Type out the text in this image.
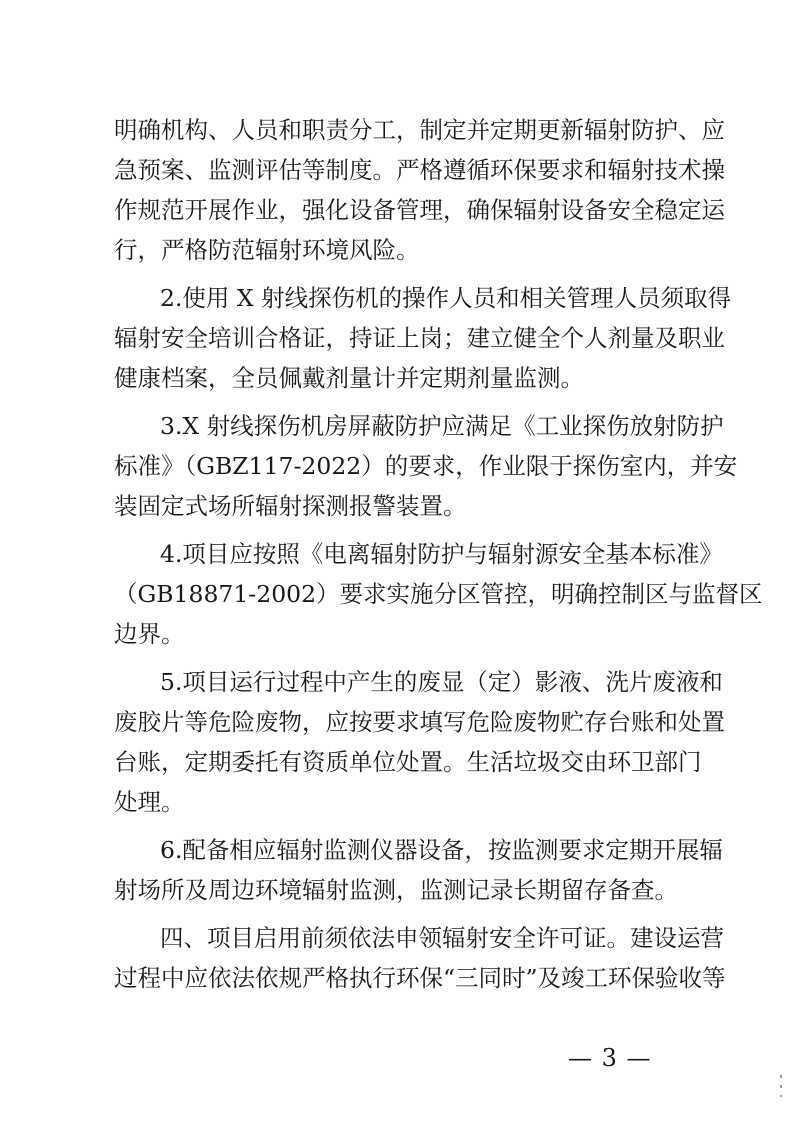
明确机构、人员和职责分工，制定并定期更新辐射防护、应
急预案、监测评估等制度。严格遵循环保要求和辐射技术操
作规范开展作业，强化设备管理，确保辐射设备安全稳定运
行，严格防范辐射环境风险。
2.使用 X 射线探伤机的操作人员和相关管理人员须取得
辐射安全培训合格证，持证上岗；建立健全个人剂量及职业
健康档案，全员佩戴剂量计并定期剂量监测。
3.X 射线探伤机房屏蔽防护应满足《工业探伤放射防护
标准》（GBZ117-2022）的要求，作业限于探伤室内，并安
装固定式场所辐射探测报警装置。
4.项目应按照《电离辐射防护与辐射源安全基本标准》
（GB18871-2002）要求实施分区管控，明确控制区与监督区
边界。
5.项目运行过程中产生的废显（定）影液、洗片废液和
废胶片等危险废物，应按要求填写危险废物贮存台账和处置
台账，定期委托有资质单位处置。生活垃圾交由环卫部门
处理。
6.配备相应辐射监测仪器设备，按监测要求定期开展辐
射场所及周边环境辐射监测，监测记录长期留存备查。
四、项目启用前须依法申领辐射安全许可证。建设运营
过程中应依法依规严格执行环保“三同时”及竣工环保验收等
— 3 —
